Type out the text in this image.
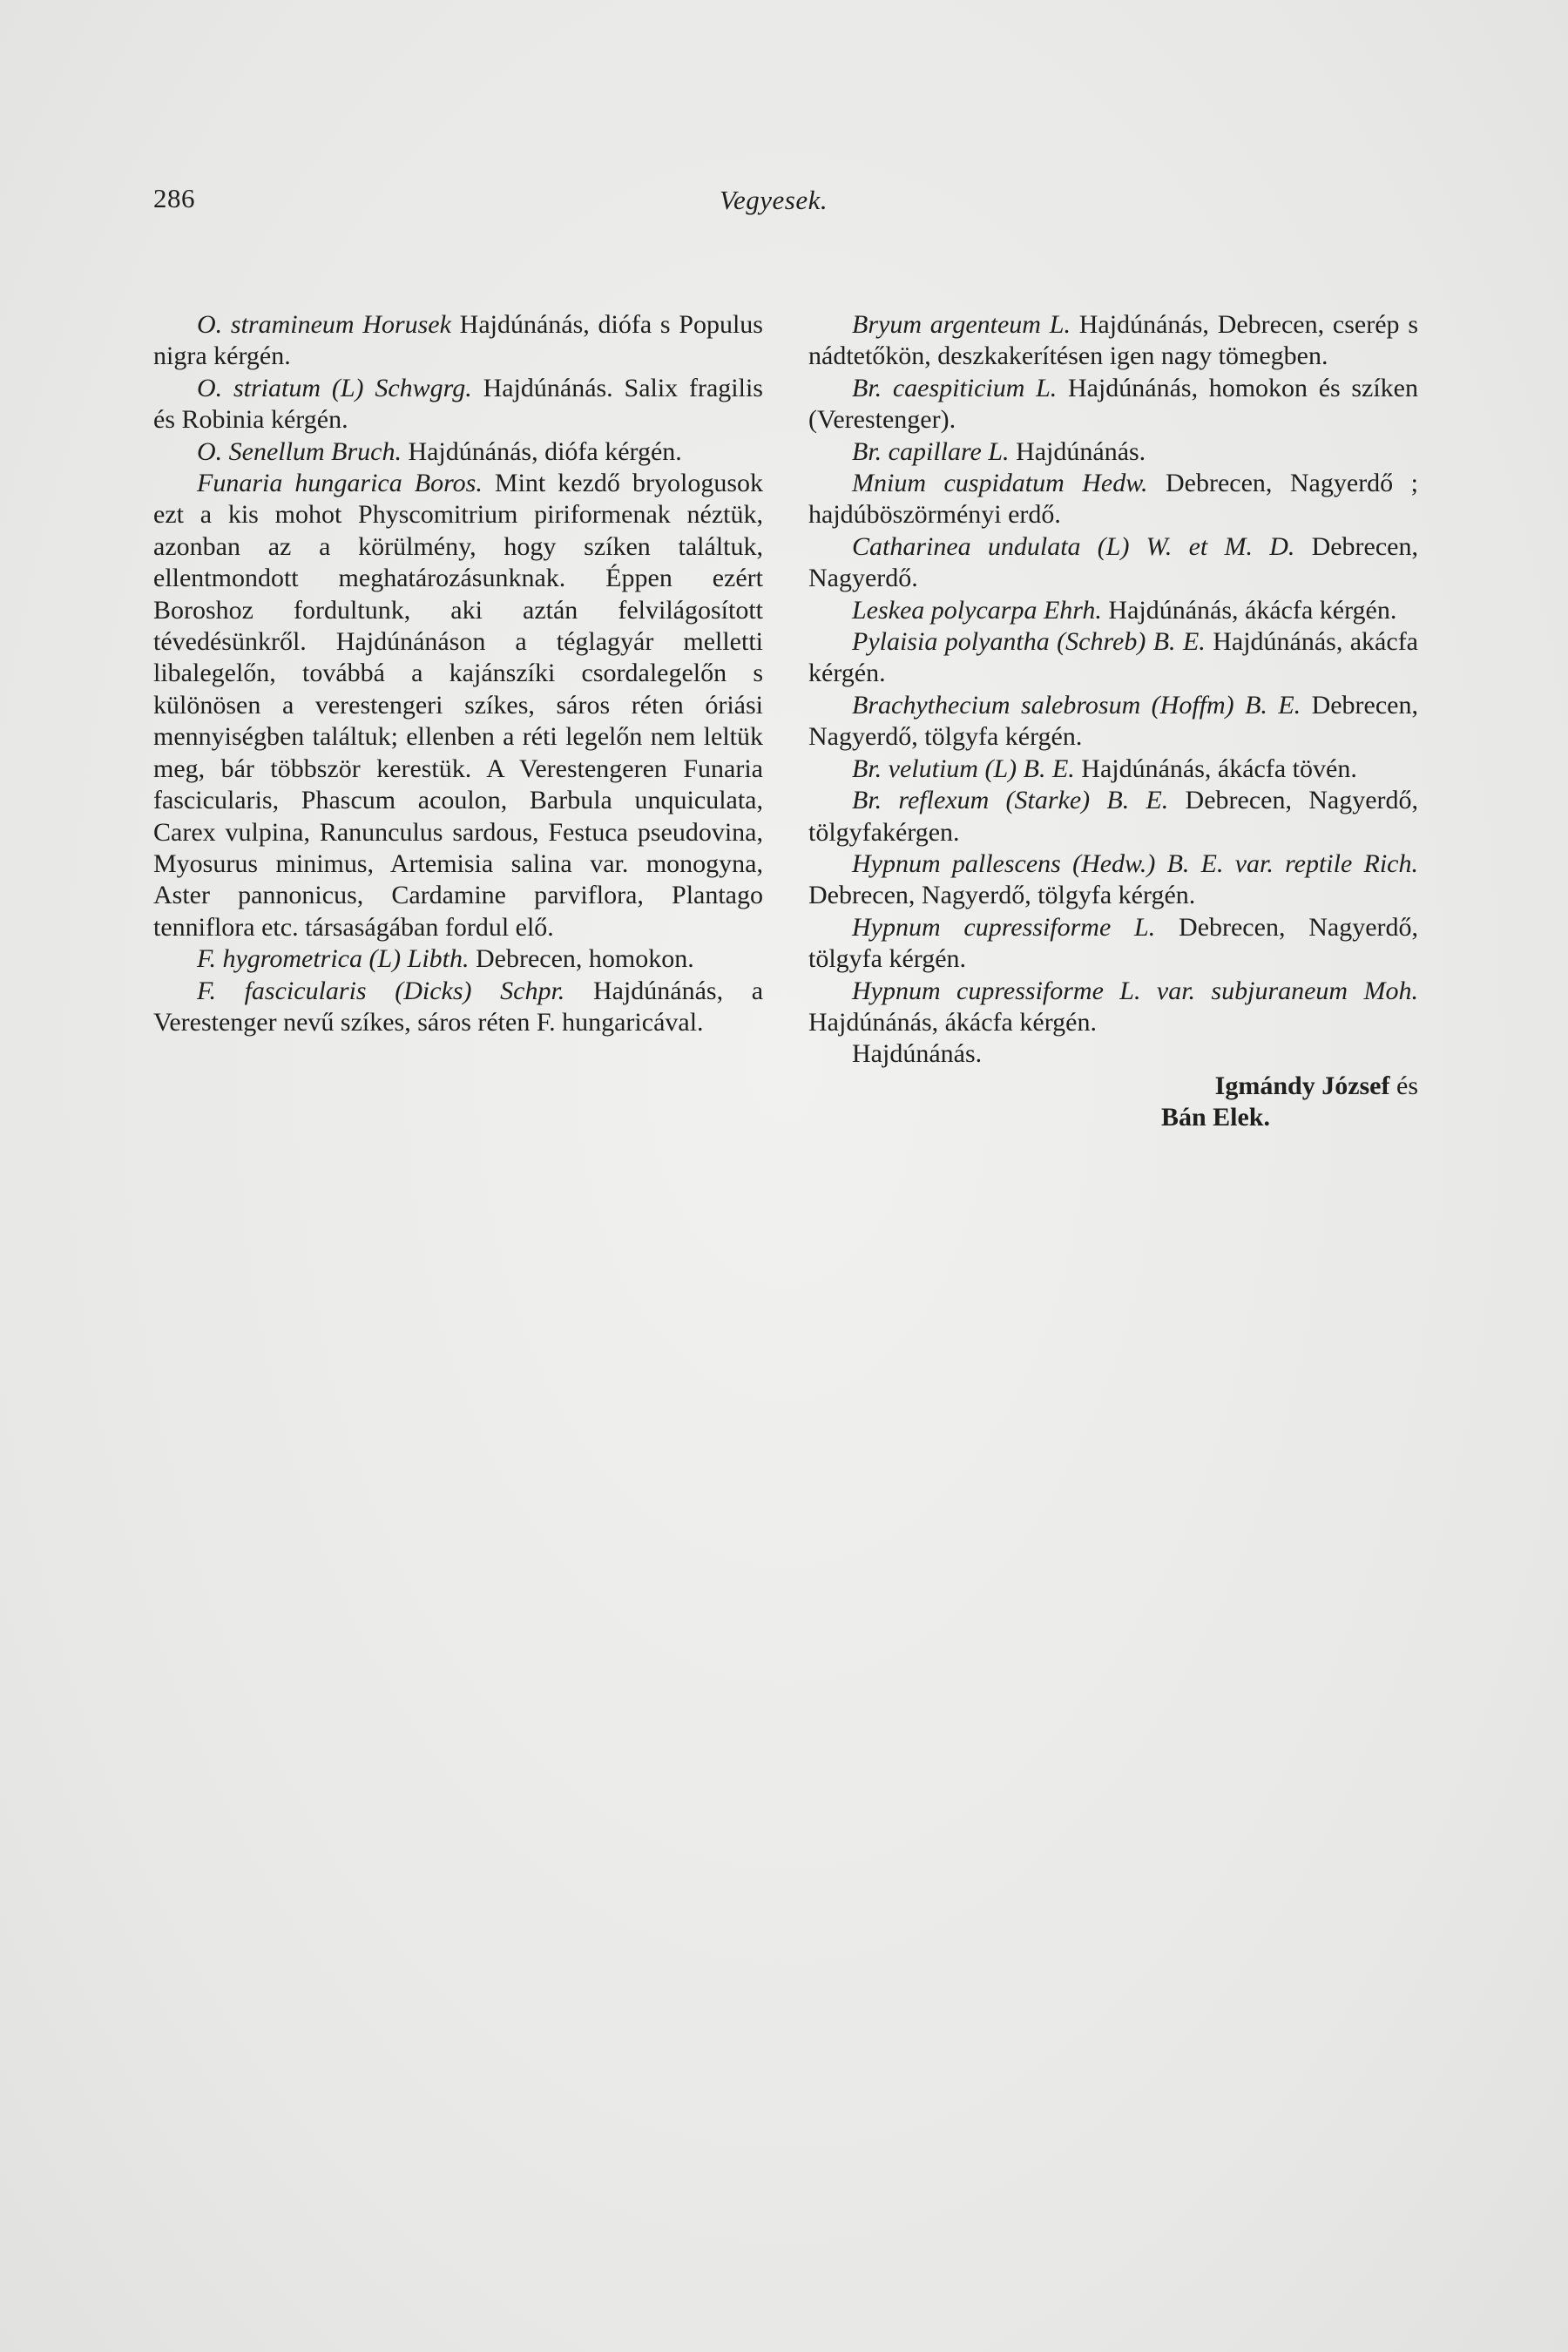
286	Vegyesek.

O. stramineum Horusek Hajdúnánás, diófa s Populus nigra kérgén.

O. striatum (L) Schwgrg. Hajdúnánás. Salix fragilis és Robinia kérgén.

O. Senellum Bruch. Hajdúnánás, diófa kérgén.

Funaria hungarica Boros. Mint kezdő bryologusok ezt a kis mohot Physcomitrium piriformenak néztük, azonban az a körülmény, hogy szíken találtuk, ellentmondott meghatározásunknak. Éppen ezért Boroshoz fordultunk, aki aztán felvilágosított tévedésünkről. Hajdúnánáson a téglagyár melletti libalegelőn, továbbá a kajánszíki csordalegelőn s különösen a verestengeri szíkes, sáros réten óriási mennyiségben találtuk; ellenben a réti legelőn nem leltük meg, bár többször kerestük. A Verestengeren Funaria fascicularis, Phascum acoulon, Barbula unquiculata, Carex vulpina, Ranunculus sardous, Festuca pseudovina, Myosurus minimus, Artemisia salina var. monogyna, Aster pannonicus, Cardamine parviflora, Plantago tenniflora etc. társaságában fordul elő.

F. hygrometrica (L) Libth. Debrecen, homokon.

F. fascicularis (Dicks) Schpr. Hajdúnánás, a Verestenger nevű szíkes, sáros réten F. hungaricával.

Bryum argenteum L. Hajdúnánás, Debrecen, cserép s nádtetőkön, deszkakerítésen igen nagy tömegben.

Br. caespiticium L. Hajdúnánás, homokon és szíken (Verestenger).

Br. capillare L. Hajdúnánás.

Mnium cuspidatum Hedw. Debrecen, Nagyerdő ; hajdúböszörményi erdő.

Catharinea undulata (L) W. et M. D. Debrecen, Nagyerdő.

Leskea polycarpa Ehrh. Hajdúnánás, ákácfa kérgén.

Pylaisia polyantha (Schreb) B. E. Hajdúnánás, akácfa kérgén.

Brachythecium salebrosum (Hoffm) B. E. Debrecen, Nagyerdő, tölgyfa kérgén.

Br. velutium (L) B. E. Hajdúnánás, ákácfa tövén.

Br. reflexum (Starke) B. E. Debrecen, Nagyerdő, tölgyfakérgen.

Hypnum pallescens (Hedw.) B. E. var. reptile Rich. Debrecen, Nagyerdő, tölgyfa kérgén.

Hypnum cupressiforme L. Debrecen, Nagyerdő, tölgyfa kérgén.

Hypnum cupressiforme L. var. subjuraneum Moh. Hajdúnánás, ákácfa kérgén.

Hajdúnánás.

Igmándy József és

Bán Elek.
